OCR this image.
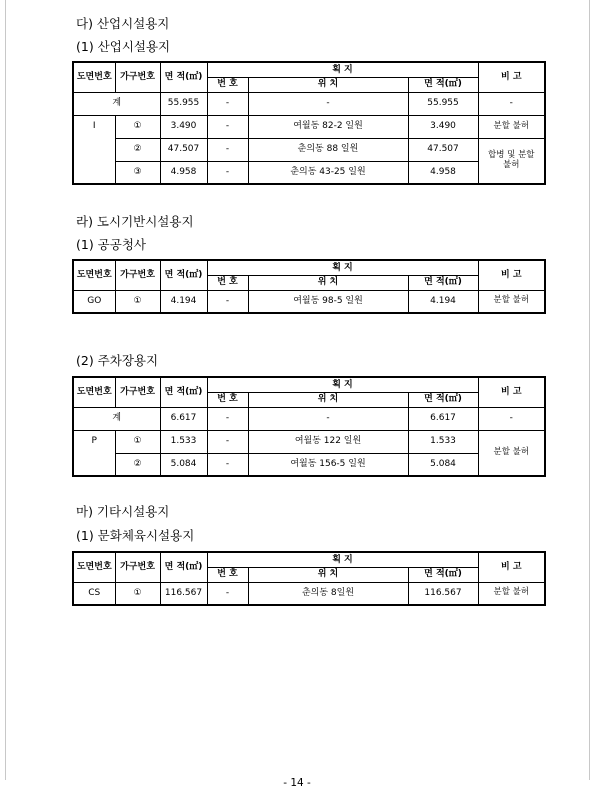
다) 산업시설용지
(1) 산업시설용지
도면번호	가구번호	면 적(㎡)	획 지			비 고
			번 호	위 치	면 적(㎡)	
계		55.955	-	-	55.955	-
I	①	3.490	-	여월동 82-2 일원	3.490	분할 불허
	②	47.507	-	춘의동 88 일원	47.507	합병 및 분할 불허
	③	4.958	-	춘의동 43-25 일원	4.958	
라) 도시기반시설용지
(1) 공공청사
도면번호	가구번호	면 적(㎡)	획 지			비 고
			번 호	위 치	면 적(㎡)	
GO	①	4.194	-	여월동 98-5 일원	4.194	분할 불허
(2) 주차장용지
도면번호	가구번호	면 적(㎡)	획 지			비 고
			번 호	위 치	면 적(㎡)	
계		6.617	-	-	6.617	-
P	①	1.533	-	여월동 122 일원	1.533	분할 불허
	②	5.084	-	여월동 156-5 일원	5.084	
마) 기타시설용지
(1) 문화체육시설용지
도면번호	가구번호	면 적(㎡)	획 지			비 고
			번 호	위 치	면 적(㎡)	
CS	①	116.567	-	춘의동 8일원	116.567	분할 불허
- 14 -
